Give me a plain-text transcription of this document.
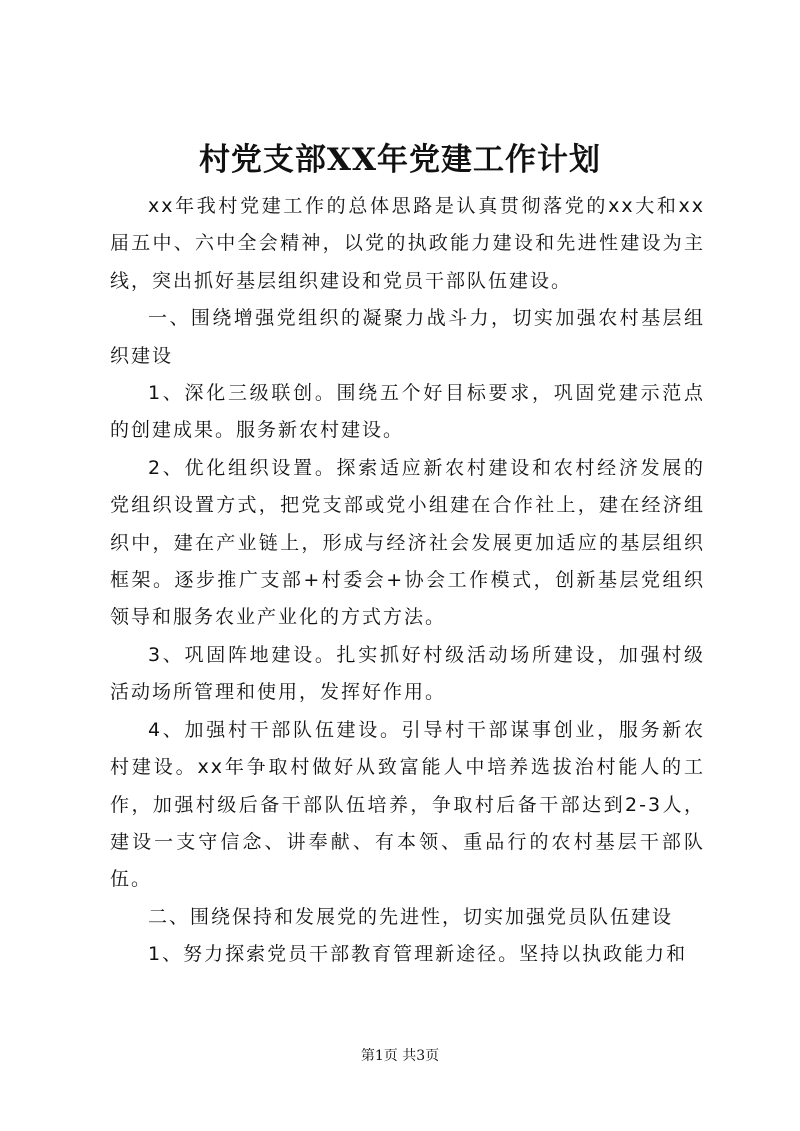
村党支部XX年党建工作计划

xx年我村党建工作的总体思路是认真贯彻落党的xx大和xx届五中、六中全会精神，以党的执政能力建设和先进性建设为主线，突出抓好基层组织建设和党员干部队伍建设。

一、围绕增强党组织的凝聚力战斗力，切实加强农村基层组织建设

1、深化三级联创。围绕五个好目标要求，巩固党建示范点的创建成果。服务新农村建设。

2、优化组织设置。探索适应新农村建设和农村经济发展的党组织设置方式，把党支部或党小组建在合作社上，建在经济组织中，建在产业链上，形成与经济社会发展更加适应的基层组织框架。逐步推广支部+村委会+协会工作模式，创新基层党组织领导和服务农业产业化的方式方法。

3、巩固阵地建设。扎实抓好村级活动场所建设，加强村级活动场所管理和使用，发挥好作用。

4、加强村干部队伍建设。引导村干部谋事创业，服务新农村建设。xx年争取村做好从致富能人中培养选拔治村能人的工作，加强村级后备干部队伍培养，争取村后备干部达到2-3人，建设一支守信念、讲奉献、有本领、重品行的农村基层干部队伍。

二、围绕保持和发展党的先进性，切实加强党员队伍建设

1、努力探索党员干部教育管理新途径。坚持以执政能力和

第1页 共3页
